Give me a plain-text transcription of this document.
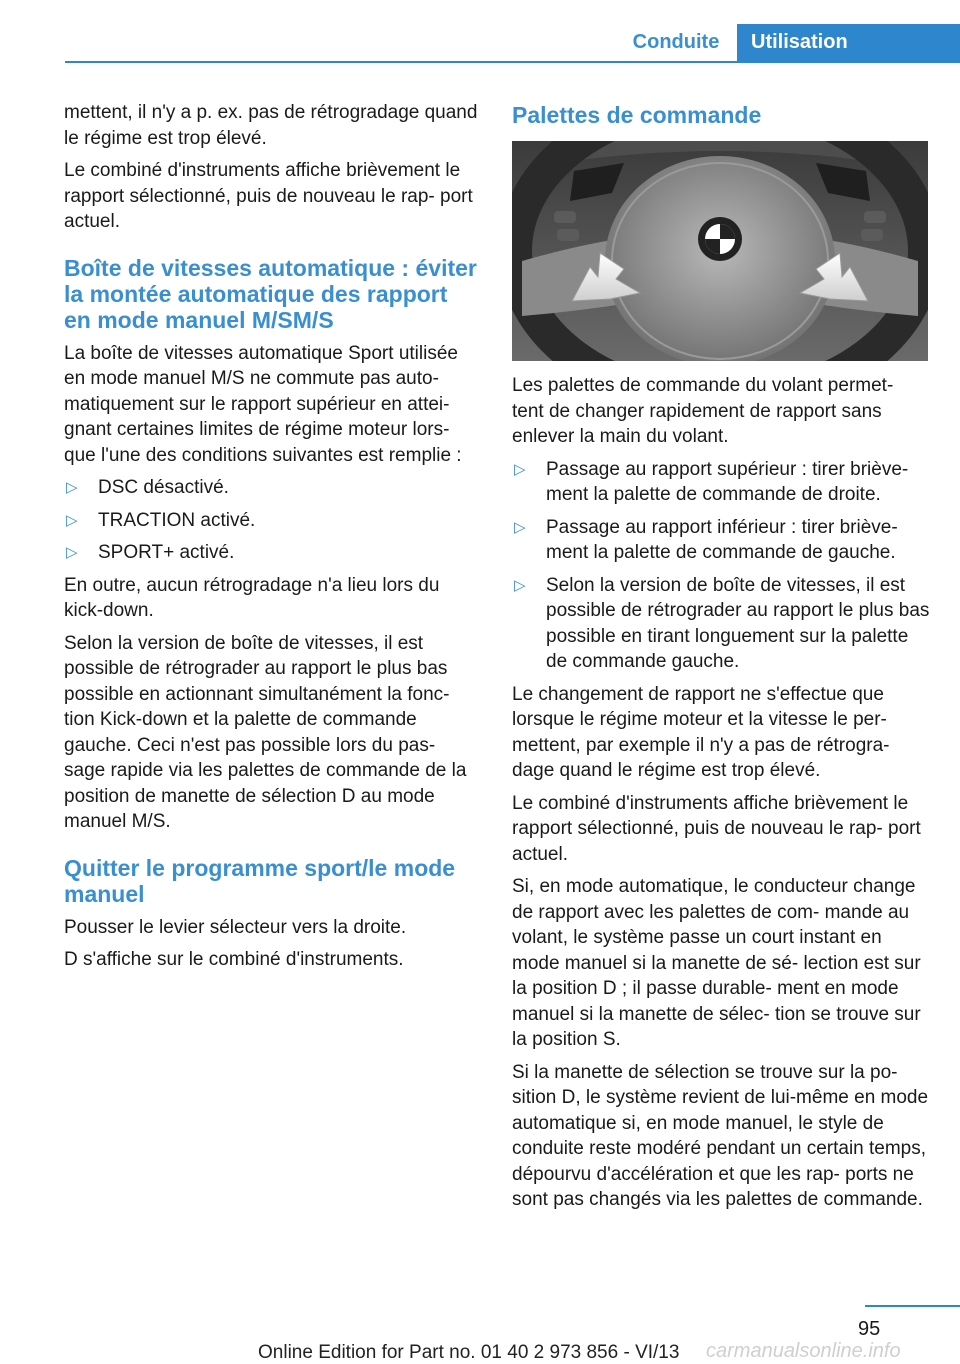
Conduite	Utilisation

mettent, il n'y a p. ex. pas de rétrogradage quand le régime est trop élevé.

Le combiné d'instruments affiche brièvement le rapport sélectionné, puis de nouveau le rap‐ port actuel.

Boîte de vitesses automatique : éviter la montée automatique des rapport en mode manuel M/SM/S

La boîte de vitesses automatique Sport utilisée en mode manuel M/S ne commute pas auto‐ matiquement sur le rapport supérieur en attei‐ gnant certaines limites de régime moteur lors‐ que l'une des conditions suivantes est remplie :

▷ DSC désactivé.
▷ TRACTION activé.
▷ SPORT+ activé.

En outre, aucun rétrogradage n'a lieu lors du kick-down.

Selon la version de boîte de vitesses, il est possible de rétrograder au rapport le plus bas possible en actionnant simultanément la fonc‐ tion Kick-down et la palette de commande gauche. Ceci n'est pas possible lors du pas‐ sage rapide via les palettes de commande de la position de manette de sélection D au mode manuel M/S.

Quitter le programme sport/le mode manuel

Pousser le levier sélecteur vers la droite.

D s'affiche sur le combiné d'instruments.

Palettes de commande

Les palettes de commande du volant permet‐ tent de changer rapidement de rapport sans enlever la main du volant.

▷ Passage au rapport supérieur : tirer briève‐ ment la palette de commande de droite.
▷ Passage au rapport inférieur : tirer briève‐ ment la palette de commande de gauche.
▷ Selon la version de boîte de vitesses, il est possible de rétrograder au rapport le plus bas possible en tirant longuement sur la palette de commande gauche.

Le changement de rapport ne s'effectue que lorsque le régime moteur et la vitesse le per‐ mettent, par exemple il n'y a pas de rétrogra‐ dage quand le régime est trop élevé.

Le combiné d'instruments affiche brièvement le rapport sélectionné, puis de nouveau le rap‐ port actuel.

Si, en mode automatique, le conducteur change de rapport avec les palettes de com‐ mande au volant, le système passe un court instant en mode manuel si la manette de sé‐ lection est sur la position D ; il passe durable‐ ment en mode manuel si la manette de sélec‐ tion se trouve sur la position S.

Si la manette de sélection se trouve sur la po‐ sition D, le système revient de lui-même en mode automatique si, en mode manuel, le style de conduite reste modéré pendant un certain temps, dépourvu d'accélération et que les rap‐ ports ne sont pas changés via les palettes de commande.

95
Online Edition for Part no. 01 40 2 973 856 - VI/13 carmanualsonline.info
